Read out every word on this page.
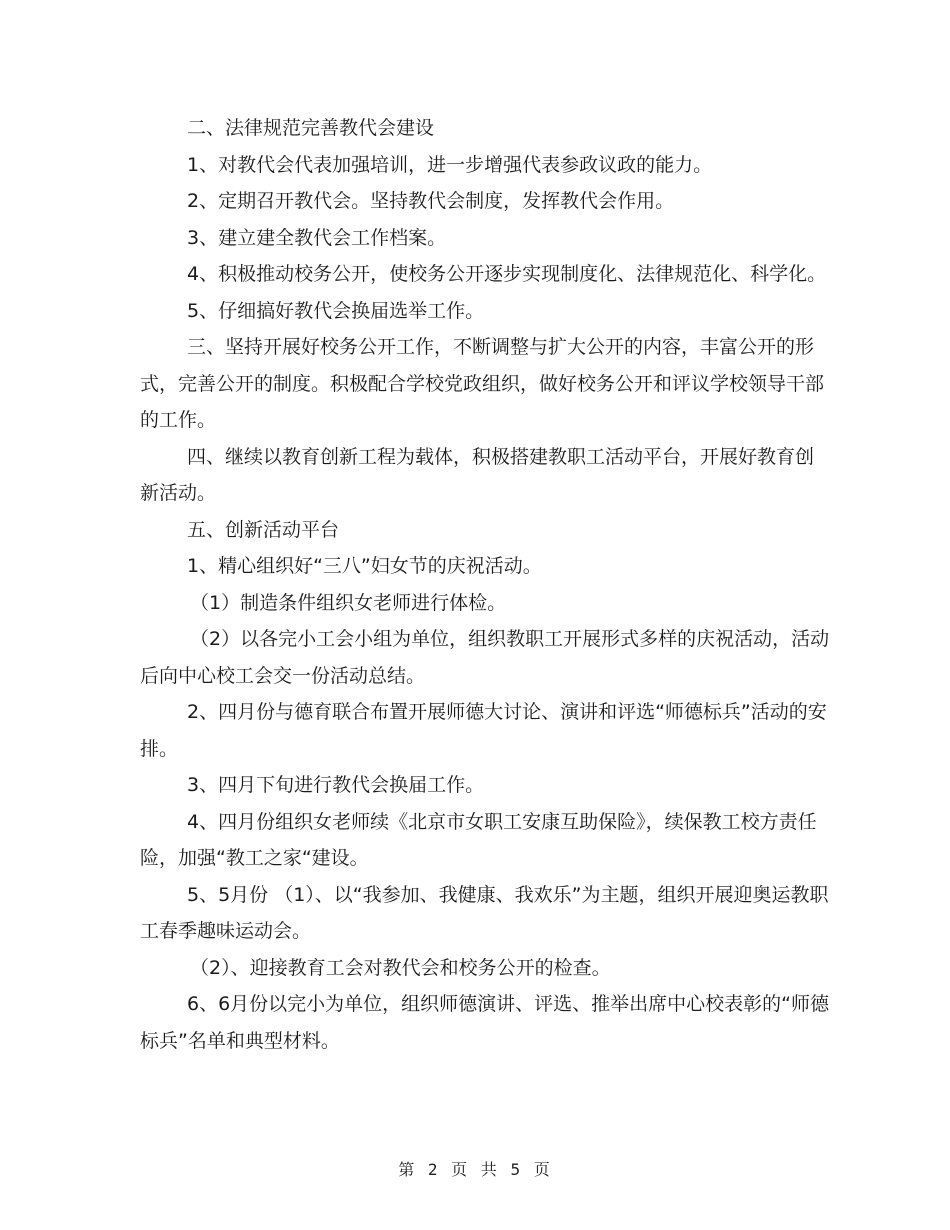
二、法律规范完善教代会建设

1、对教代会代表加强培训，进一步增强代表参政议政的能力。

2、定期召开教代会。坚持教代会制度，发挥教代会作用。

3、建立建全教代会工作档案。

4、积极推动校务公开，使校务公开逐步实现制度化、法律规范化、科学化。

5、仔细搞好教代会换届选举工作。

三、坚持开展好校务公开工作，不断调整与扩大公开的内容，丰富公开的形式，完善公开的制度。积极配合学校党政组织，做好校务公开和评议学校领导干部的工作。

四、继续以教育创新工程为载体，积极搭建教职工活动平台，开展好教育创新活动。

五、创新活动平台

1、精心组织好“三八”妇女节的庆祝活动。

（1）制造条件组织女老师进行体检。

（2）以各完小工会小组为单位，组织教职工开展形式多样的庆祝活动，活动后向中心校工会交一份活动总结。

2、四月份与德育联合布置开展师德大讨论、演讲和评选“师德标兵”活动的安排。

3、四月下旬进行教代会换届工作。

4、四月份组织女老师续《北京市女职工安康互助保险》，续保教工校方责任险，加强“教工之家“建设。

5、5月份 （1）、以“我参加、我健康、我欢乐”为主题，组织开展迎奥运教职工春季趣味运动会。

（2）、迎接教育工会对教代会和校务公开的检查。

6、6月份以完小为单位，组织师德演讲、评选、推举出席中心校表彰的“师德标兵”名单和典型材料。

第 2 页 共 5 页
